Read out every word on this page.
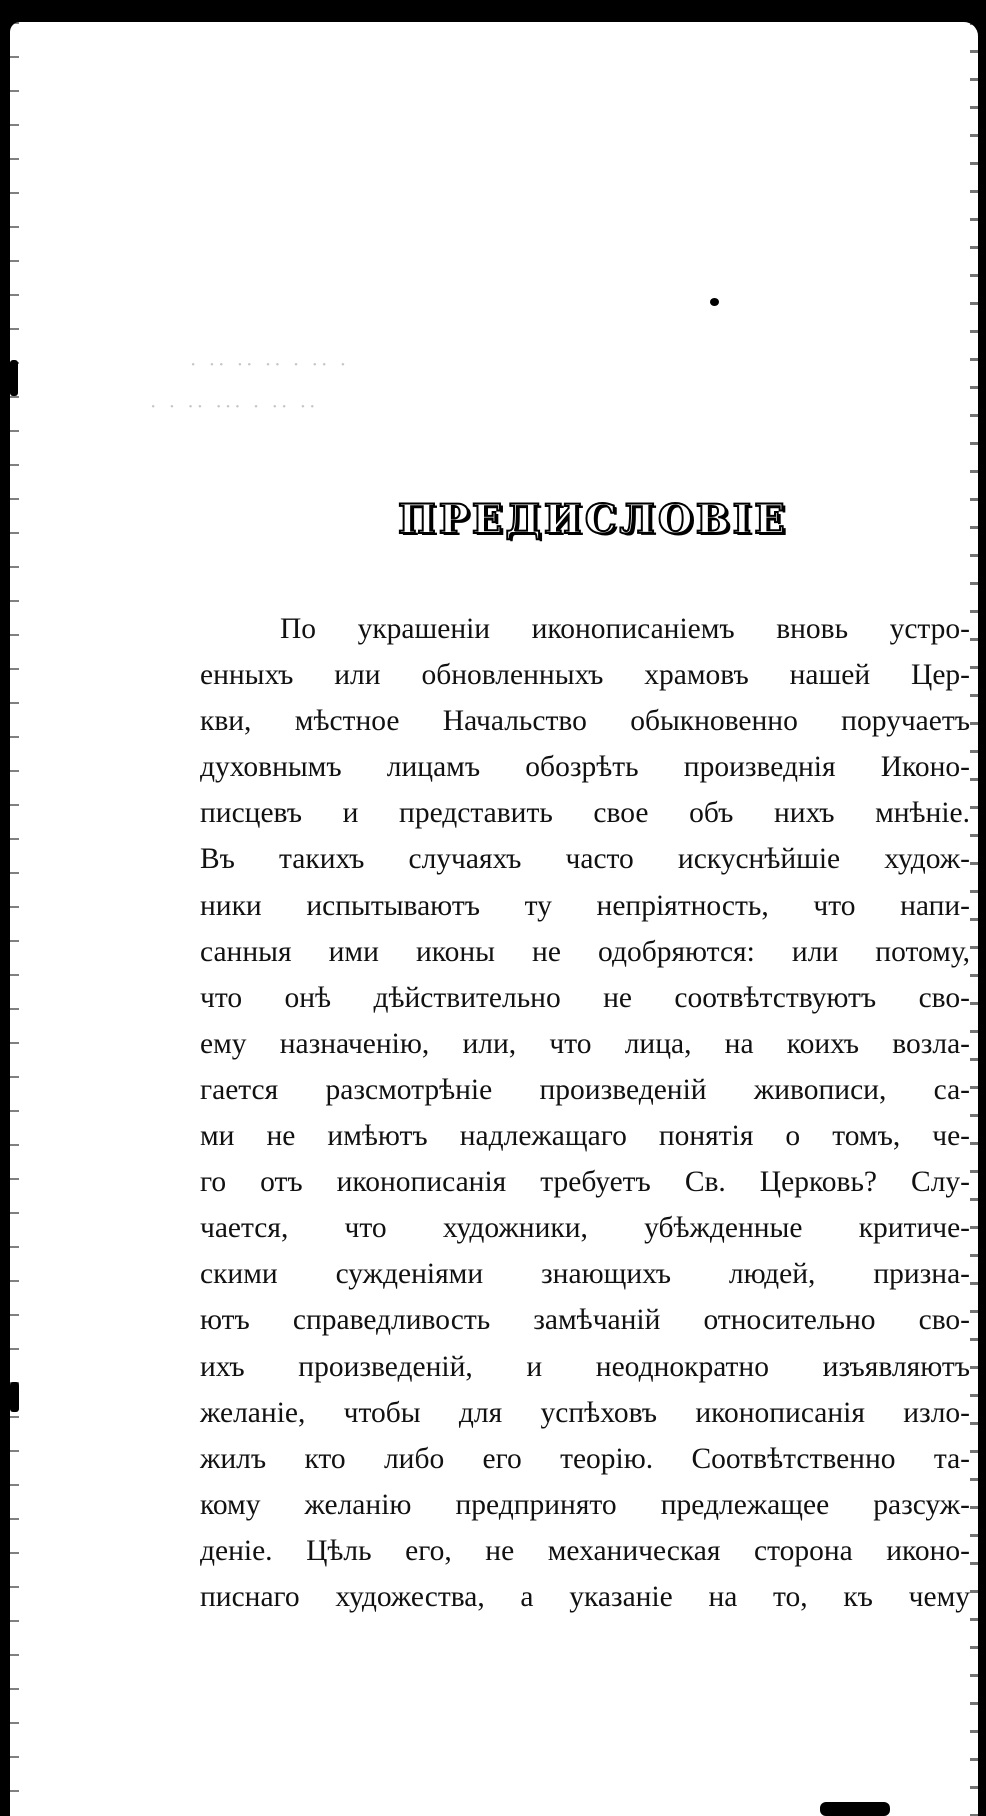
· ·· ·· ·· · ·· ·
· · ·· ··· · ·· ··
ПРЕДИСЛОВІЕ
По украшеніи иконописаніемъ вновь устро-
енныхъ или обновленныхъ храмовъ нашей Цер-
кви, мѣстное Начальство обыкновенно поручаетъ
духовнымъ лицамъ обозрѣть произведнія Иконо-
писцевъ и представить свое объ нихъ мнѣніе.
Въ такихъ случаяхъ часто искуснѣйшіе худож-
ники испытываютъ ту непріятность, что напи-
санныя ими иконы не одобряются: или потому,
что онѣ дѣйствительно не соотвѣтствуютъ сво-
ему назначенію, или, что лица, на коихъ возла-
гается разсмотрѣніе произведеній живописи, са-
ми не имѣютъ надлежащаго понятія о томъ, че-
го отъ иконописанія требуетъ Св. Церковь? Слу-
чается, что художники, убѣжденные критиче-
скими сужденіями знающихъ людей, призна-
ютъ справедливость замѣчаній относительно сво-
ихъ произведеній, и неоднократно изъявляютъ
желаніе, чтобы для успѣховъ иконописанія изло-
жилъ кто либо его теорію. Соотвѣтственно та-
кому желанію предпринято предлежащее разсуж-
деніе. Цѣль его, не механическая сторона иконо-
писнаго художества, а указаніе на то, къ чему
